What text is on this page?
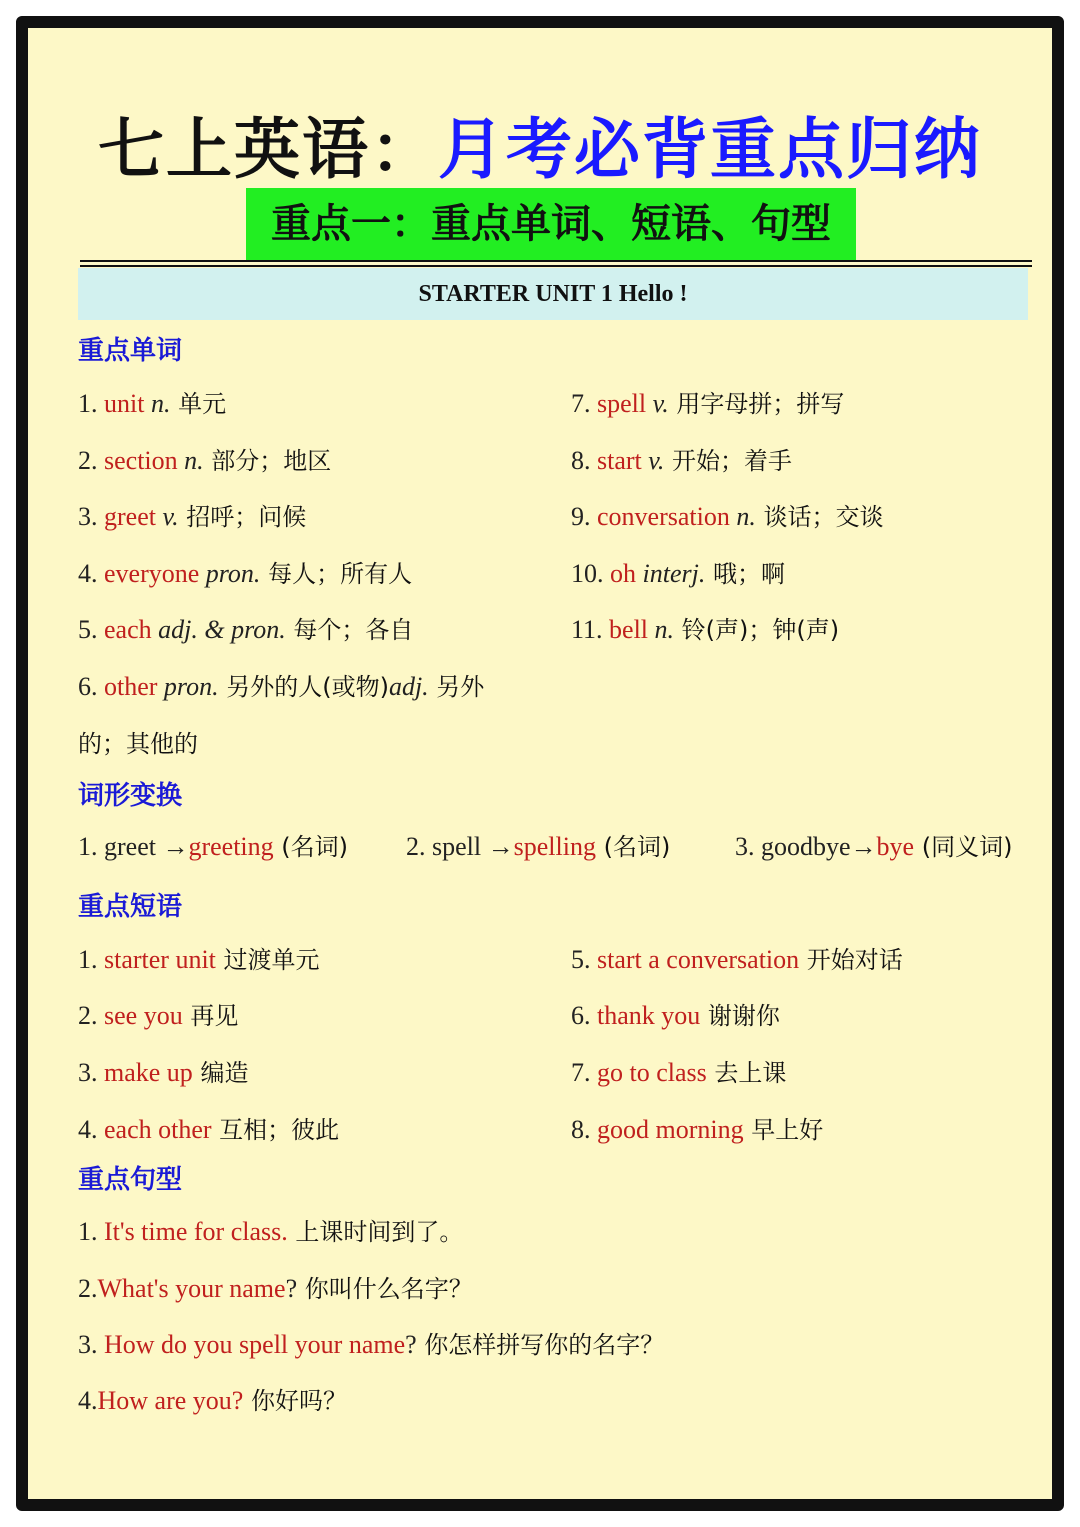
七上英语：月考必背重点归纳
重点一：重点单词、短语、句型
STARTER UNIT 1 Hello !
重点单词
1. unit n. 单元
2. section n. 部分；地区
3. greet v. 招呼；问候
4. everyone pron. 每人；所有人
5. each adj. & pron. 每个；各自
6. other pron. 另外的人(或物)adj. 另外
的；其他的
7. spell v. 用字母拼；拼写
8. start v. 开始；着手
9. conversation n. 谈话；交谈
10. oh interj. 哦；啊
11. bell n. 铃(声)；钟(声)
词形变换
1. greet →greeting (名词) 2. spell →spelling (名词) 3. goodbye→bye (同义词)
重点短语
1. starter unit 过渡单元
2. see you 再见
3. make up 编造
4. each other 互相；彼此
5. start a conversation 开始对话
6. thank you 谢谢你
7. go to class 去上课
8. good morning 早上好
重点句型
1. It's time for class. 上课时间到了。
2.What's your name? 你叫什么名字？
3. How do you spell your name? 你怎样拼写你的名字？
4.How are you? 你好吗？
